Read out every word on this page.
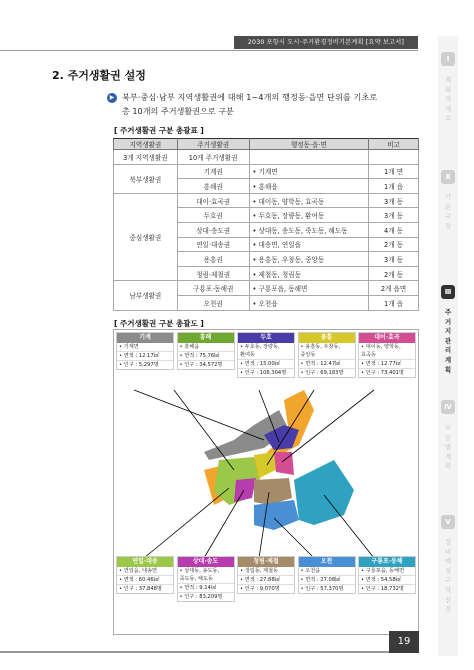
2030 포항시 도시·주거환경정비기본계획 [요약 보고서]
Ⅰ
계획의개요
Ⅱ
기본구상
Ⅲ
주거지관리계획
Ⅳ
부문별계획
Ⅴ
정비예정구역선정
2. 주거생활권 설정
▶ 북부·중심·남부 지역생활권에 대해 1~4개의 행정동·읍면 단위를 기초로
총 10개의 주거생활권으로 구분
[ 주거생활권 구분 총괄표 ]
지역생활권	주거생활권	행정동·읍·면	비고
3개 지역생활권	10개 주거생활권		
북부생활권	기계권	• 기계면	1개 면
	흥해권	• 흥해읍	1개 읍
중심생활권	대이·효곡권	• 대이동, 양학동, 효곡동	3개 동
	두호권	• 두호동, 장량동, 환여동	3개 동
	상대·송도권	• 상대동, 송도동, 죽도동, 해도동	4개 동
	연일·대송권	• 대송면, 연일읍	2개 동
	용흥권	• 용흥동, 우창동, 중앙동	3개 동
	청림·제철권	• 제철동, 청림동	2개 동
남부생활권	구룡포·동해권	• 구룡포읍, 동해면	2개 읍면
	오천권	• 오천읍	1개 읍
[ 주거생활권 구분 총괄도 ]
기계
• 기계면
• 면적 : 12.17㎢
• 인구 : 5,297명
흥해
• 흥해읍
• 면적 : 75.76㎢
• 인구 : 34,572명
두호
• 두호동, 장량동,
환여동
• 면적 : 15.00㎢
• 인구 : 108,304명
용흥
• 용흥동, 우창동,
중앙동
• 면적 : 12.47㎢
• 인구 : 69,183명
대이·효곡
• 대이동, 양학동,
효곡동
• 면적 : 12.77㎢
• 인구 : 73,401명
연일·대송
• 연일읍, 대송면
• 면적 : 60.46㎢
• 인구 : 37,848명
상대·송도
• 상대동, 송도동,
죽도동, 해도동
• 면적 : 9.14㎢
• 인구 : 83,209명
청림·제철
• 청림동, 제철동
• 면적 : 27.88㎢
• 인구 : 9,070명
오천
• 오천읍
• 면적 : 27.08㎢
• 인구 : 57,370명
구룡포·동해
• 구룡포읍, 동해면
• 면적 : 54.58㎢
• 인구 : 18,732명
19
